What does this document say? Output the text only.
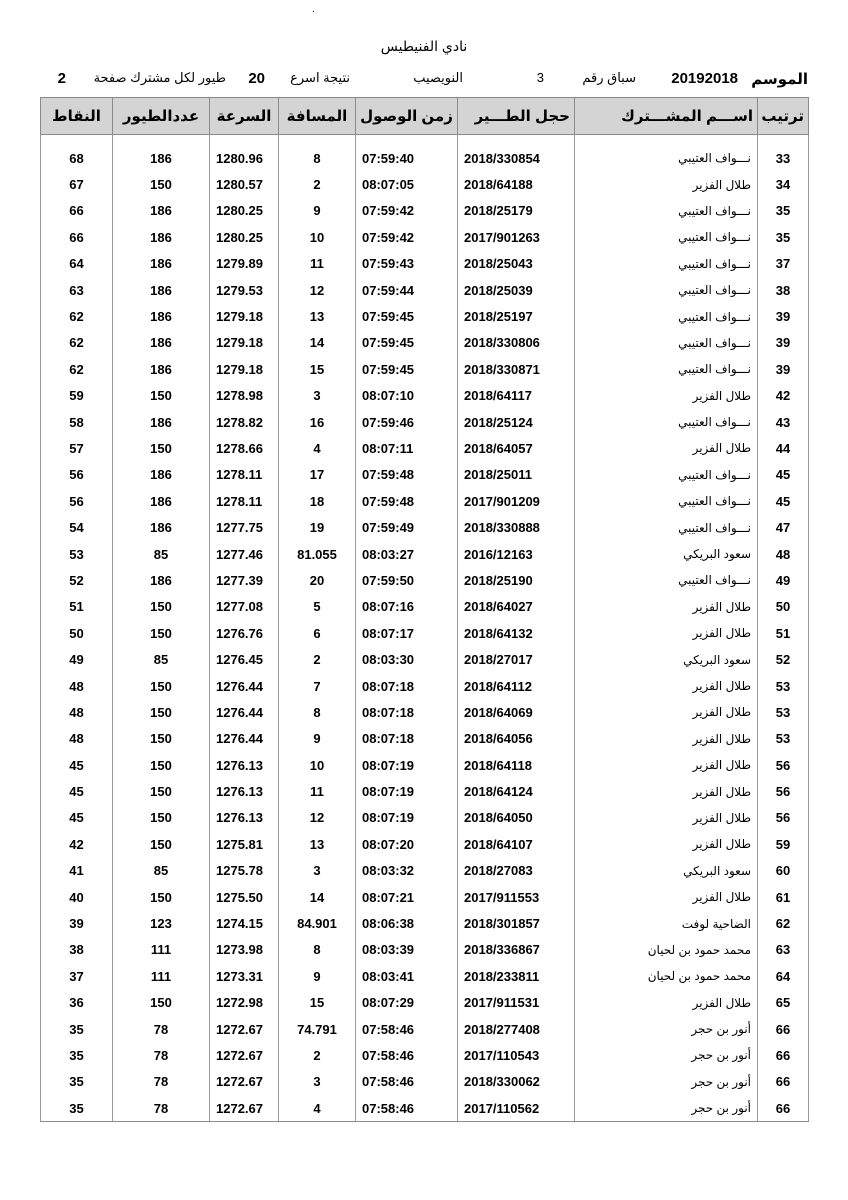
.
نادي الفنيطيس
الموسم
20192018
سباق رقم
3
النويصيب
نتيجة اسرع
20
طيور لكل مشترك صفحة
2
ترتيب	اســـم المشـــترك	حجل الطـــير	زمن الوصول	المسافة	السرعة	عددالطيور	النقاط
33	نـــواف العتيبي	2018/330854	07:59:40	8	1280.96	186	68
34	طلال الفزير	2018/64188	08:07:05	2	1280.57	150	67
35	نـــواف العتيبي	2018/25179	07:59:42	9	1280.25	186	66
35	نـــواف العتيبي	2017/901263	07:59:42	10	1280.25	186	66
37	نـــواف العتيبي	2018/25043	07:59:43	11	1279.89	186	64
38	نـــواف العتيبي	2018/25039	07:59:44	12	1279.53	186	63
39	نـــواف العتيبي	2018/25197	07:59:45	13	1279.18	186	62
39	نـــواف العتيبي	2018/330806	07:59:45	14	1279.18	186	62
39	نـــواف العتيبي	2018/330871	07:59:45	15	1279.18	186	62
42	طلال الفزير	2018/64117	08:07:10	3	1278.98	150	59
43	نـــواف العتيبي	2018/25124	07:59:46	16	1278.82	186	58
44	طلال الفزير	2018/64057	08:07:11	4	1278.66	150	57
45	نـــواف العتيبي	2018/25011	07:59:48	17	1278.11	186	56
45	نـــواف العتيبي	2017/901209	07:59:48	18	1278.11	186	56
47	نـــواف العتيبي	2018/330888	07:59:49	19	1277.75	186	54
48	سعود البريكي	2016/12163	08:03:27	81.055	1277.46	85	53
49	نـــواف العتيبي	2018/25190	07:59:50	20	1277.39	186	52
50	طلال الفزير	2018/64027	08:07:16	5	1277.08	150	51
51	طلال الفزير	2018/64132	08:07:17	6	1276.76	150	50
52	سعود البريكي	2018/27017	08:03:30	2	1276.45	85	49
53	طلال الفزير	2018/64112	08:07:18	7	1276.44	150	48
53	طلال الفزير	2018/64069	08:07:18	8	1276.44	150	48
53	طلال الفزير	2018/64056	08:07:18	9	1276.44	150	48
56	طلال الفزير	2018/64118	08:07:19	10	1276.13	150	45
56	طلال الفزير	2018/64124	08:07:19	11	1276.13	150	45
56	طلال الفزير	2018/64050	08:07:19	12	1276.13	150	45
59	طلال الفزير	2018/64107	08:07:20	13	1275.81	150	42
60	سعود البريكي	2018/27083	08:03:32	3	1275.78	85	41
61	طلال الفزير	2017/911553	08:07:21	14	1275.50	150	40
62	الضاحية لوفت	2018/301857	08:06:38	84.901	1274.15	123	39
63	محمد حمود بن لحيان	2018/336867	08:03:39	8	1273.98	111	38
64	محمد حمود بن لحيان	2018/233811	08:03:41	9	1273.31	111	37
65	طلال الفزير	2017/911531	08:07:29	15	1272.98	150	36
66	أنور بن حجر	2018/277408	07:58:46	74.791	1272.67	78	35
66	أنور بن حجر	2017/110543	07:58:46	2	1272.67	78	35
66	أنور بن حجر	2018/330062	07:58:46	3	1272.67	78	35
66	أنور بن حجر	2017/110562	07:58:46	4	1272.67	78	35
